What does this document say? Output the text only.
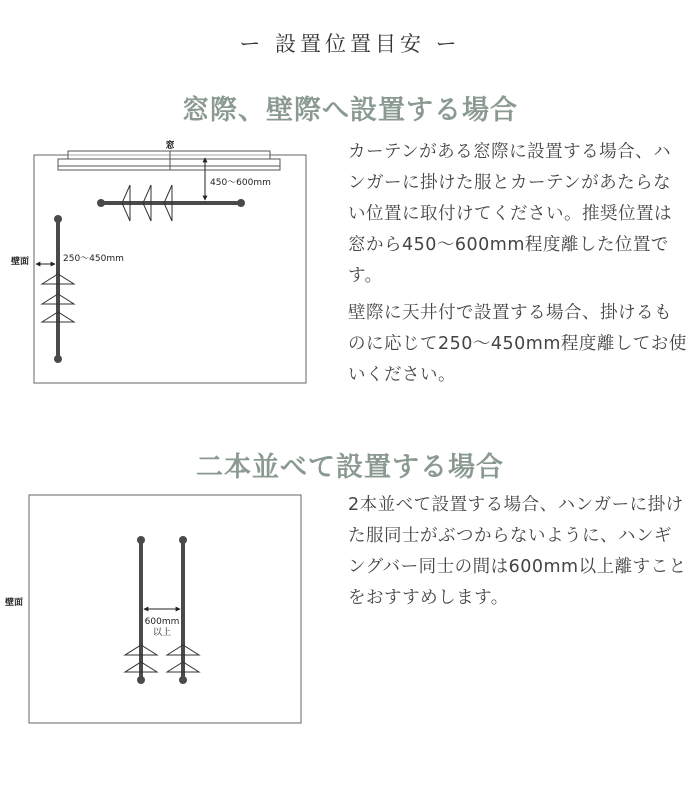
ー 設置位置目安 ー
窓際、壁際へ設置する場合
二本並べて設置する場合

カーテンがある窓際に設置する場合、ハンガーに掛けた服とカーテンがあたらない位置に取付けてください。推奨位置は窓から450～600mm程度離した位置です。

壁際に天井付で設置する場合、掛けるものに応じて250～450mm程度離してお使いください。

2本並べて設置する場合、ハンガーに掛けた服同士がぶつからないように、ハンギングバー同士の間は600mm以上離すことをおすすめします。

窓
450～600mm
壁面	250～450mm
壁面
600mm
以上
